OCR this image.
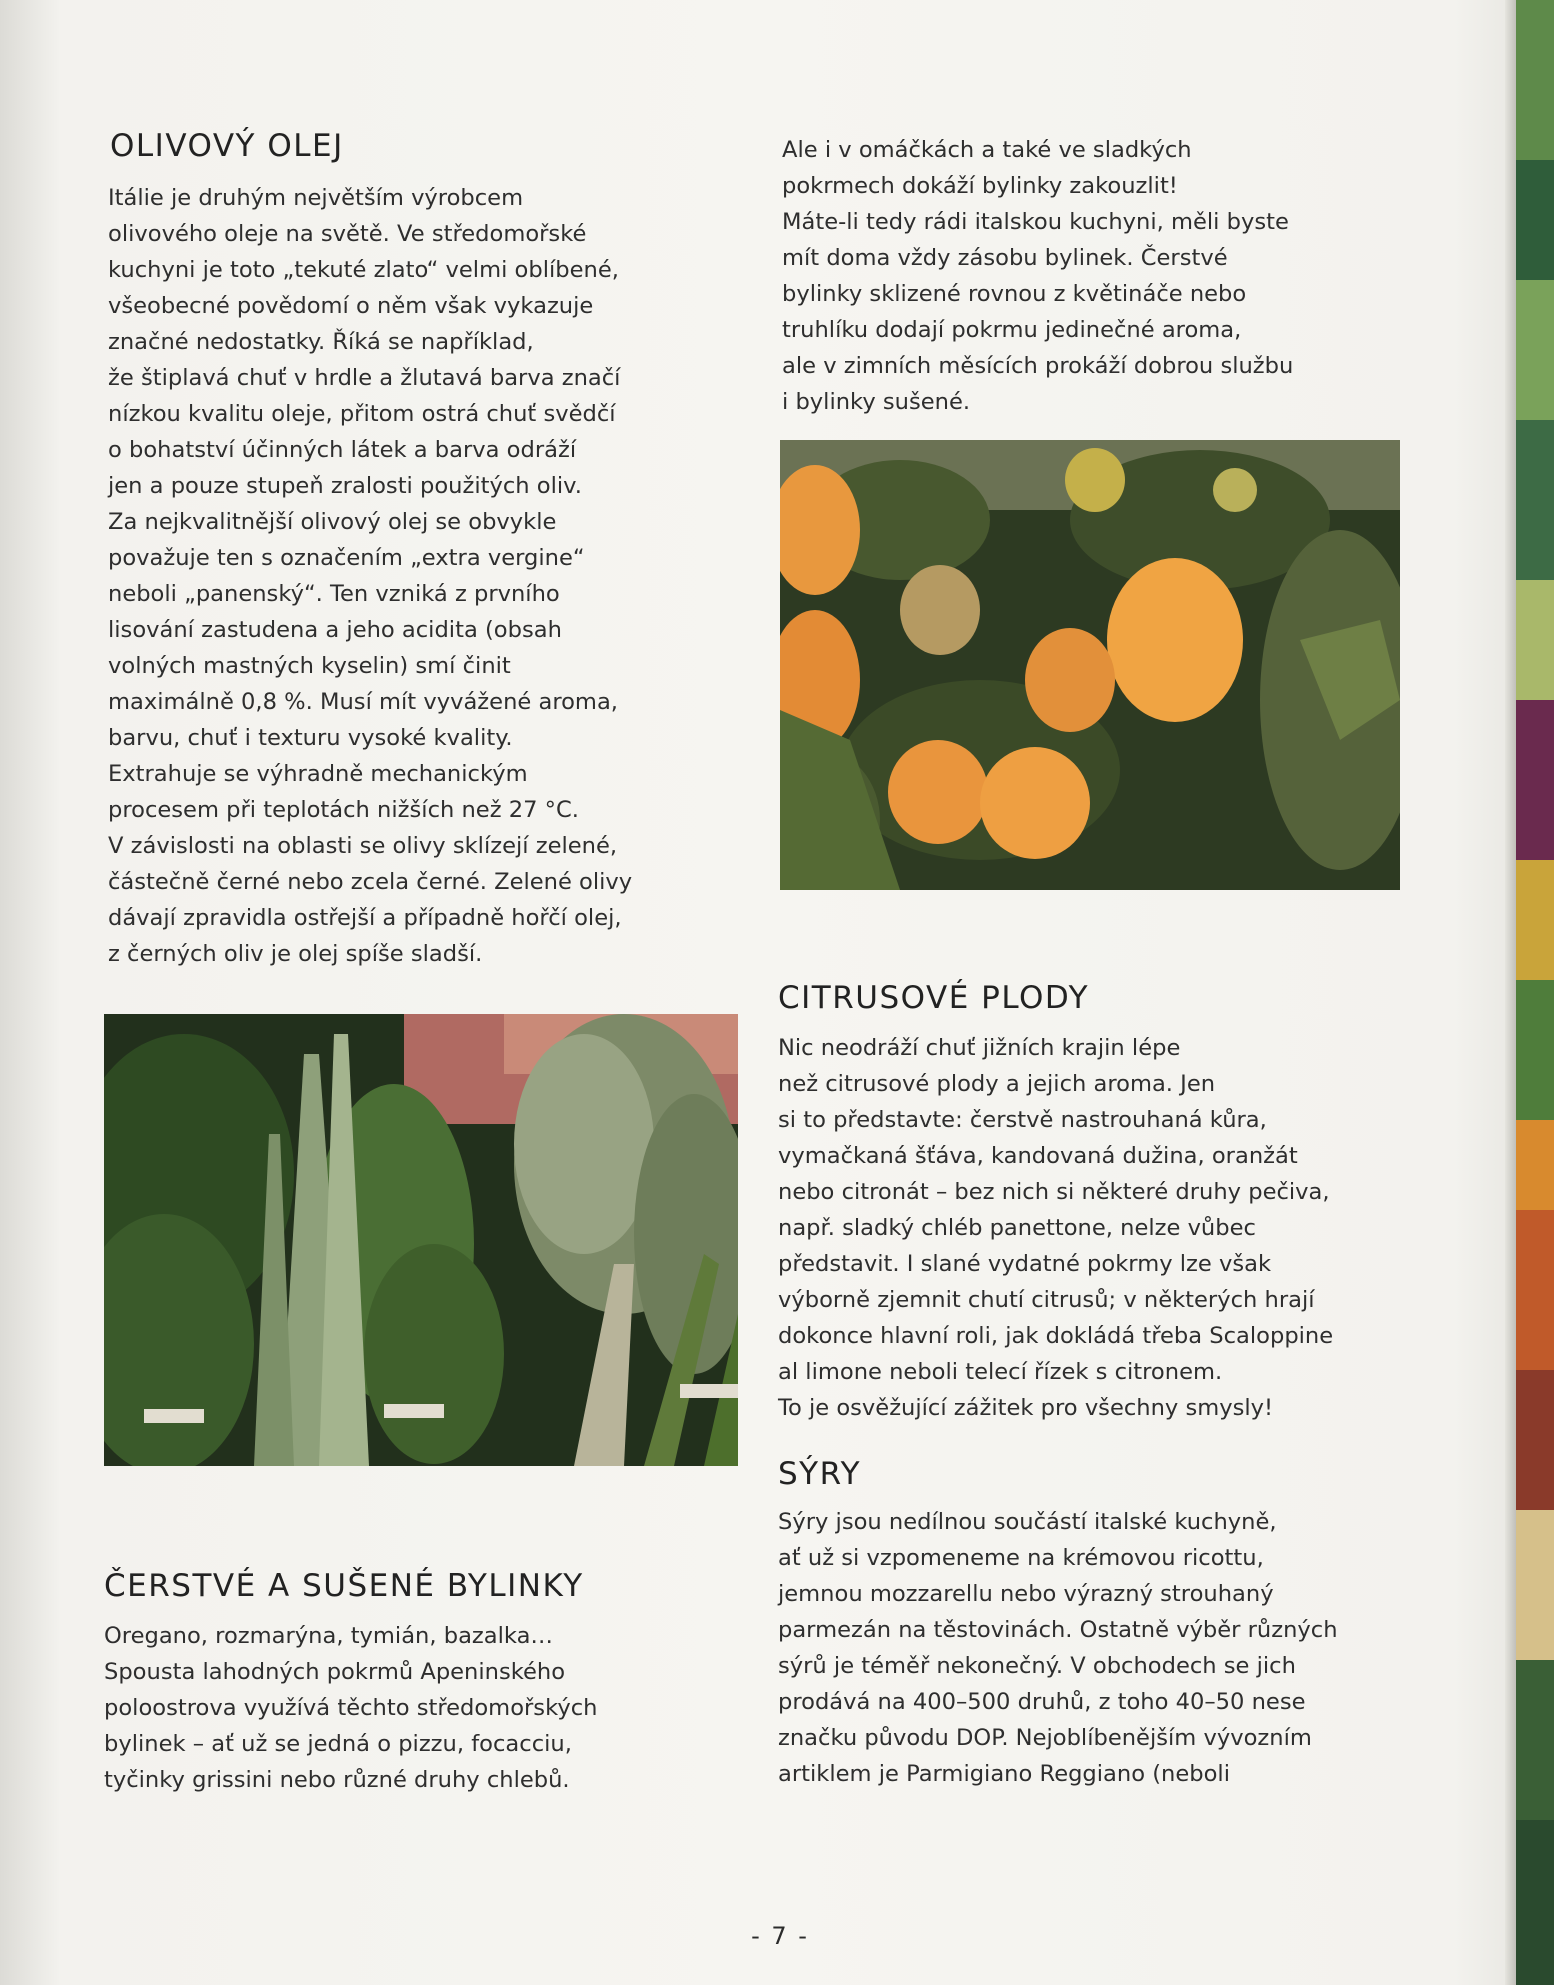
OLIVOVÝ OLEJ
Itálie je druhým největším výrobcem
olivového oleje na světě. Ve středomořské
kuchyni je toto „tekuté zlato“ velmi oblíbené,
všeobecné povědomí o něm však vykazuje
značné nedostatky. Říká se například,
že štiplavá chuť v hrdle a žlutavá barva značí
nízkou kvalitu oleje, přitom ostrá chuť svědčí
o bohatství účinných látek a barva odráží
jen a pouze stupeň zralosti použitých oliv.
Za nejkvalitnější olivový olej se obvykle
považuje ten s označením „extra vergine“
neboli „panenský“. Ten vzniká z prvního
lisování zastudena a jeho acidita (obsah
volných mastných kyselin) smí činit
maximálně 0,8 %. Musí mít vyvážené aroma,
barvu, chuť i texturu vysoké kvality.
Extrahuje se výhradně mechanickým
procesem při teplotách nižších než 27 °C.
V závislosti na oblasti se olivy sklízejí zelené,
částečně černé nebo zcela černé. Zelené olivy
dávají zpravidla ostřejší a případně hořčí olej,
z černých oliv je olej spíše sladší.
ČERSTVÉ A SUŠENÉ BYLINKY
Oregano, rozmarýna, tymián, bazalka…
Spousta lahodných pokrmů Apeninského
poloostrova využívá těchto středomořských
bylinek – ať už se jedná o pizzu, focacciu,
tyčinky grissini nebo různé druhy chlebů.
Ale i v omáčkách a také ve sladkých
pokrmech dokáží bylinky zakouzlit!
Máte-li tedy rádi italskou kuchyni, měli byste
mít doma vždy zásobu bylinek. Čerstvé
bylinky sklizené rovnou z květináče nebo
truhlíku dodají pokrmu jedinečné aroma,
ale v zimních měsících prokáží dobrou službu
i bylinky sušené.
CITRUSOVÉ PLODY
Nic neodráží chuť jižních krajin lépe
než citrusové plody a jejich aroma. Jen
si to představte: čerstvě nastrouhaná kůra,
vymačkaná šťáva, kandovaná dužina, oranžát
nebo citronát – bez nich si některé druhy pečiva,
např. sladký chléb panettone, nelze vůbec
představit. I slané vydatné pokrmy lze však
výborně zjemnit chutí citrusů; v některých hrají
dokonce hlavní roli, jak dokládá třeba Scaloppine
al limone neboli telecí řízek s citronem.
To je osvěžující zážitek pro všechny smysly!
SÝRY
Sýry jsou nedílnou součástí italské kuchyně,
ať už si vzpomeneme na krémovou ricottu,
jemnou mozzarellu nebo výrazný strouhaný
parmezán na těstovinách. Ostatně výběr různých
sýrů je téměř nekonečný. V obchodech se jich
prodává na 400–500 druhů, z toho 40–50 nese
značku původu DOP. Nejoblíbenějším vývozním
artiklem je Parmigiano Reggiano (neboli
- 7 -
